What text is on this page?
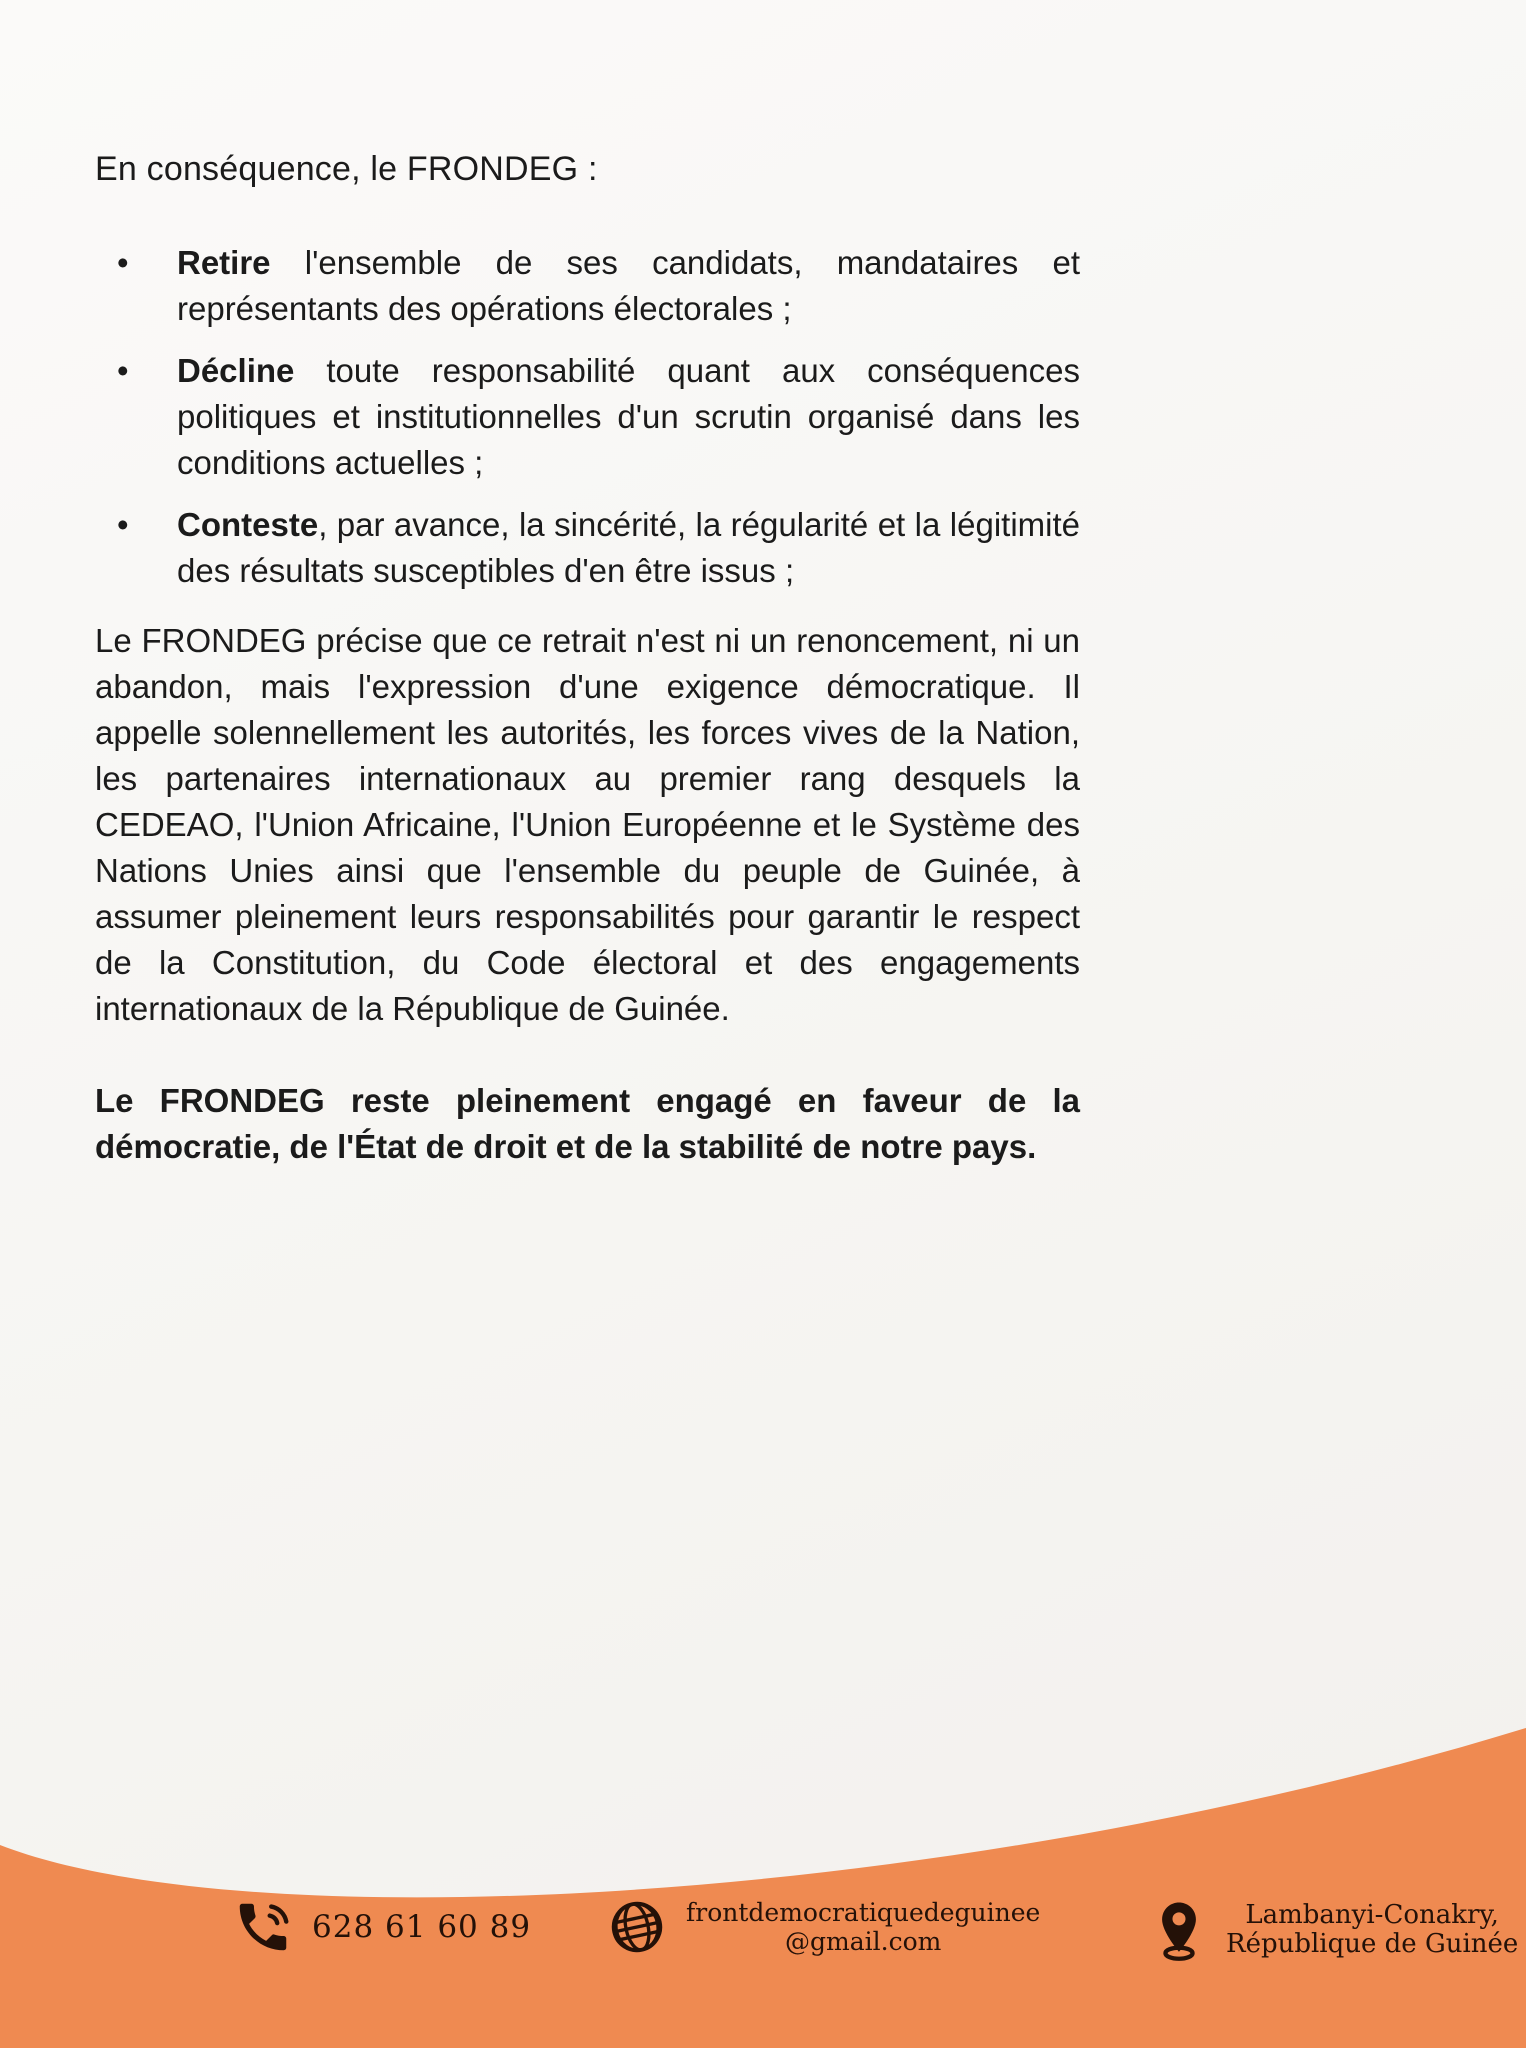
En conséquence, le FRONDEG :
•	Retire l'ensemble de ses candidats, mandataires et représentants des opérations électorales ;
•	Décline toute responsabilité quant aux conséquences politiques et institutionnelles d'un scrutin organisé dans les conditions actuelles ;
•	Conteste, par avance, la sincérité, la régularité et la légitimité des résultats susceptibles d'en être issus ;
Le FRONDEG précise que ce retrait n'est ni un renoncement, ni un abandon, mais l'expression d'une exigence démocratique. Il appelle solennellement les autorités, les forces vives de la Nation, les partenaires internationaux au premier rang desquels la CEDEAO, l'Union Africaine, l'Union Européenne et le Système des Nations Unies ainsi que l'ensemble du peuple de Guinée, à assumer pleinement leurs responsabilités pour garantir le respect de la Constitution, du Code électoral et des engagements internationaux de la République de Guinée.
Le FRONDEG reste pleinement engagé en faveur de la démocratie, de l'État de droit et de la stabilité de notre pays.
628 61 60 89	frontdemocratiquedeguinee
@gmail.com
Lambanyi-Conakry,
République de Guinée
